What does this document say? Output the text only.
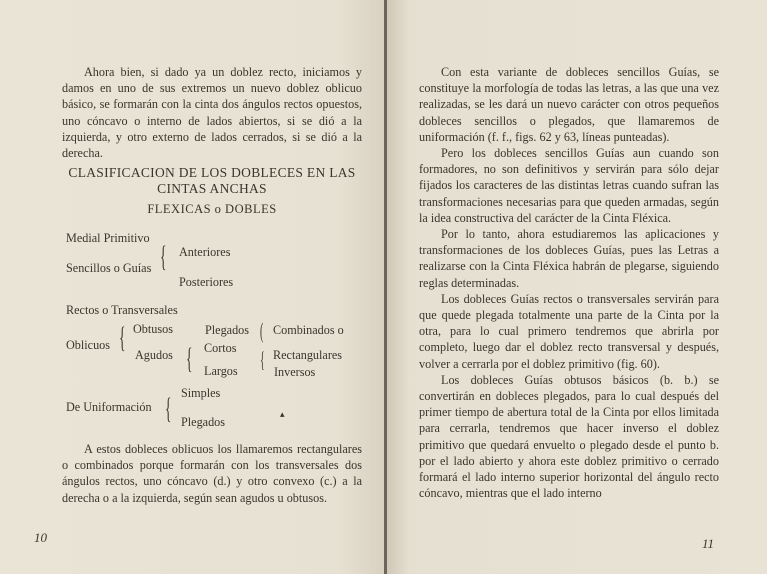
Ahora bien, si dado ya un doblez recto, iniciamos y damos en uno de sus extremos un nuevo doblez oblicuo básico, se formarán con la cinta dos ángulos rectos opuestos, uno cóncavo o interno de lados abiertos, si se dió a la izquierda, y otro externo de lados cerrados, si se dió a la derecha.

CLASIFICACION DE LOS DOBLECES EN LAS
CINTAS ANCHAS
FLEXICAS o DOBLES
Medial Primitivo
{ Anteriores
Sencillos o Guías
Posteriores
Rectos o Transversales
{ Obtusos
Oblicuos
Agudos
Plegados
{ Cortos
Largos
( Combinados o
{ Rectangulares
Inversos
{ Simples
De Uniformación
Plegados
▴

A estos dobleces oblicuos los llamaremos rectangulares o combinados porque formarán con los transversales dos ángulos rectos, uno cóncavo (d.) y otro convexo (c.) a la derecha o a la izquierda, según sean agudos u obtusos.

10

Con esta variante de dobleces sencillos Guías, se constituye la morfología de todas las letras, a las que una vez realizadas, se les dará un nuevo carácter con otros pequeños dobleces sencillos o plegados, que llamaremos de uniformación (f. f., figs. 62 y 63, líneas punteadas).

Pero los dobleces sencillos Guías aun cuando son formadores, no son definitivos y servirán para sólo dejar fijados los caracteres de las distintas letras cuando sufran las transformaciones necesarias para que queden armadas, según la idea constructiva del carácter de la Cinta Fléxica.

Por lo tanto, ahora estudiaremos las aplicaciones y transformaciones de los dobleces Guías, pues las Letras a realizarse con la Cinta Fléxica habrán de plegarse, siguiendo reglas determinadas.

Los dobleces Guías rectos o transversales servirán para que quede plegada totalmente una parte de la Cinta por la otra, para lo cual primero tendremos que abrirla por completo, luego dar el doblez recto transversal y después, volver a cerrarla por el doblez primitivo (fig. 60).

Los dobleces Guías obtusos básicos (b. b.) se convertirán en dobleces plegados, para lo cual después del primer tiempo de abertura total de la Cinta por ellos limitada para cerrarla, tendremos que hacer inverso el doblez primitivo que quedará envuelto o plegado desde el punto b. por el lado abierto y ahora este doblez primitivo o cerrado formará el lado interno superior horizontal del ángulo recto cóncavo, mientras que el lado interno

11
